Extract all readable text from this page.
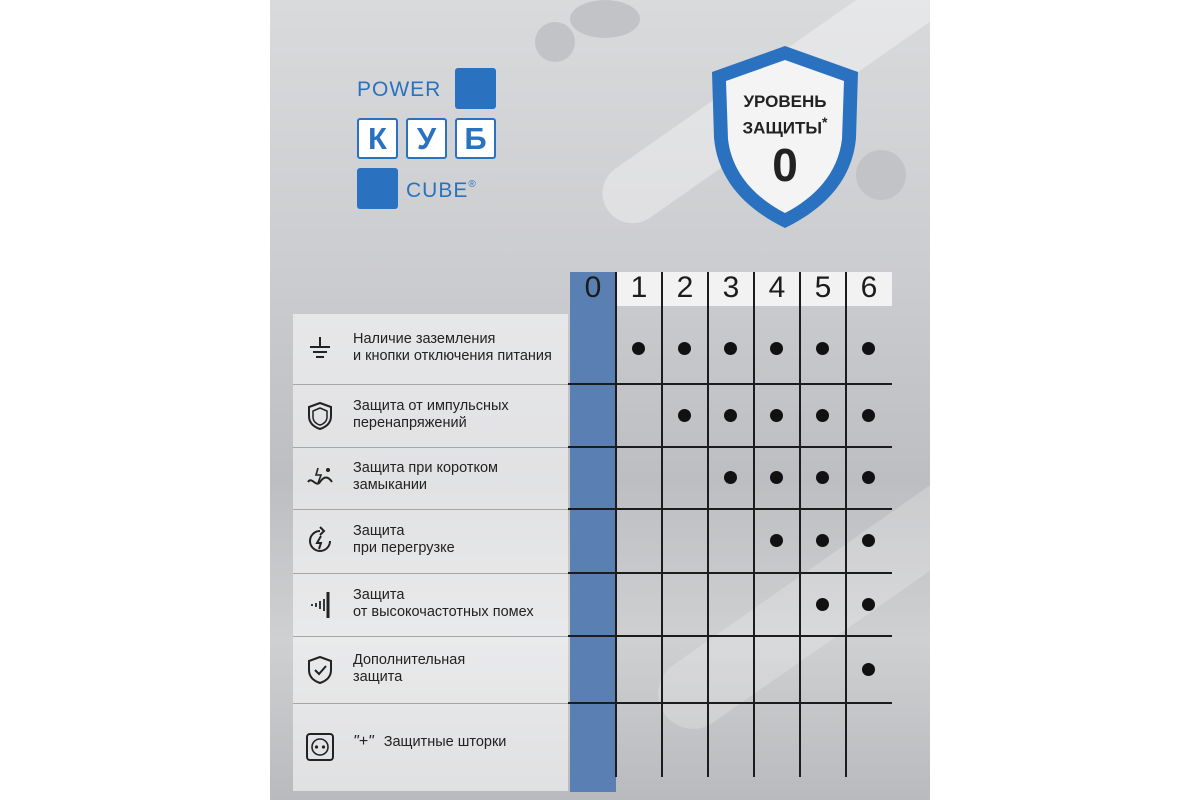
POWER
К У Б
CUBE®
УРОВЕНЬ
ЗАЩИТЫ*
0
0 1 2 3 4 5 6
Наличие заземления
и кнопки отключения питания
Защита от импульсных
перенапряжений
Защита при коротком
замыкании
Защита
при перегрузке
Защита
от высокочастотных помех
Дополнительная
защита
"+" Защитные шторки
